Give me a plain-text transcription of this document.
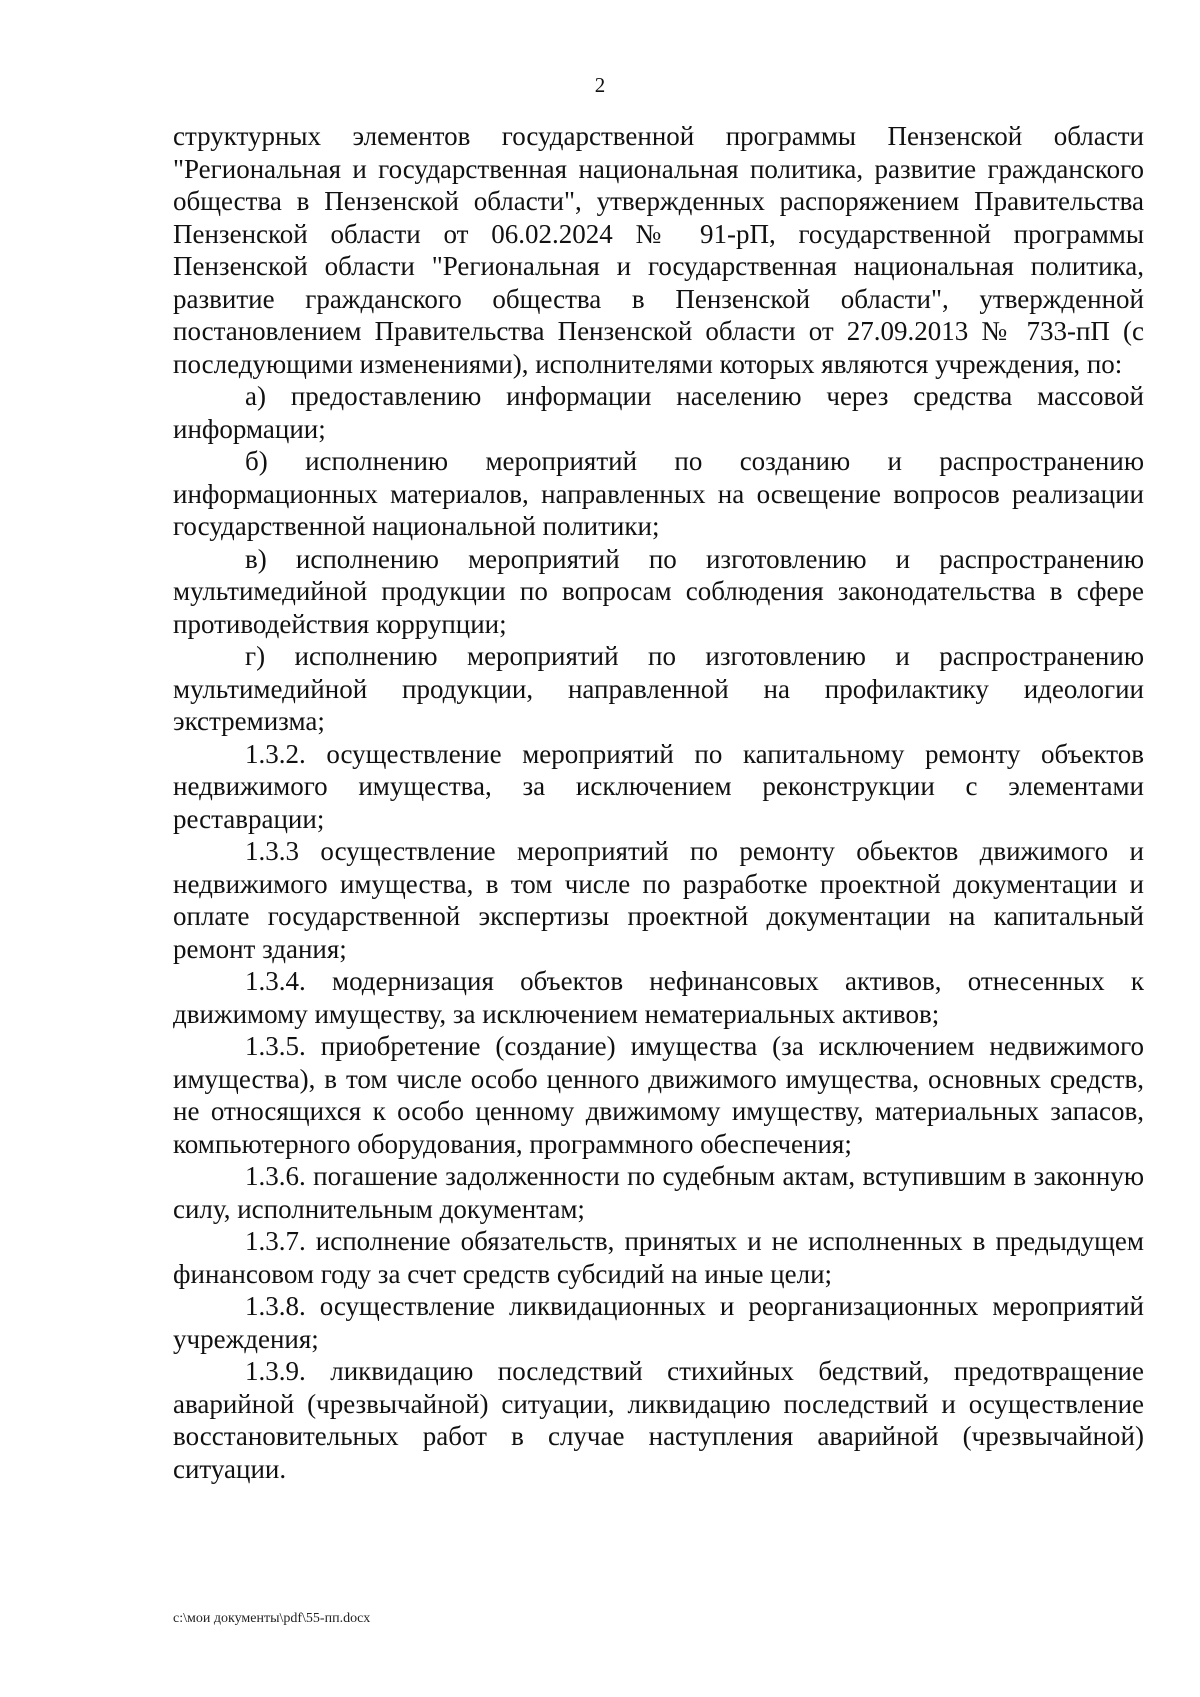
2

структурных элементов государственной программы Пензенской области "Региональная и государственная национальная политика, развитие гражданского общества в Пензенской области", утвержденных распоряжением Правительства Пензенской области от 06.02.2024 № 91-рП, государственной программы Пензенской области "Региональная и государственная национальная политика, развитие гражданского общества в Пензенской области", утвержденной постановлением Правительства Пензенской области от 27.09.2013 № 733-пП (с последующими изменениями), исполнителями которых являются учреждения, по:

а) предоставлению информации населению через средства массовой информации;

б) исполнению мероприятий по созданию и распространению информационных материалов, направленных на освещение вопросов реализации государственной национальной политики;

в) исполнению мероприятий по изготовлению и распространению мультимедийной продукции по вопросам соблюдения законодательства в сфере противодействия коррупции;

г) исполнению мероприятий по изготовлению и распространению мультимедийной продукции, направленной на профилактику идеологии экстремизма;

1.3.2. осуществление мероприятий по капитальному ремонту объектов недвижимого имущества, за исключением реконструкции с элементами реставрации;

1.3.3 осуществление мероприятий по ремонту обьектов движимого и недвижимого имущества, в том числе по разработке проектной документации и оплате государственной экспертизы проектной документации на капитальный ремонт здания;

1.3.4. модернизация объектов нефинансовых активов, отнесенных к движимому имуществу, за исключением нематериальных активов;

1.3.5. приобретение (создание) имущества (за исключением недвижимого имущества), в том числе особо ценного движимого имущества, основных средств, не относящихся к особо ценному движимому имуществу, материальных запасов, компьютерного оборудования, программного обеспечения;

1.3.6. погашение задолженности по судебным актам, вступившим в законную силу, исполнительным документам;

1.3.7. исполнение обязательств, принятых и не исполненных в предыдущем финансовом году за счет средств субсидий на иные цели;

1.3.8. осуществление ликвидационных и реорганизационных мероприятий учреждения;

1.3.9. ликвидацию последствий стихийных бедствий, предотвращение аварийной (чрезвычайной) ситуации, ликвидацию последствий и осуществление восстановительных работ в случае наступления аварийной (чрезвычайной) ситуации.

c:\мои документы\pdf\55-пп.docx
